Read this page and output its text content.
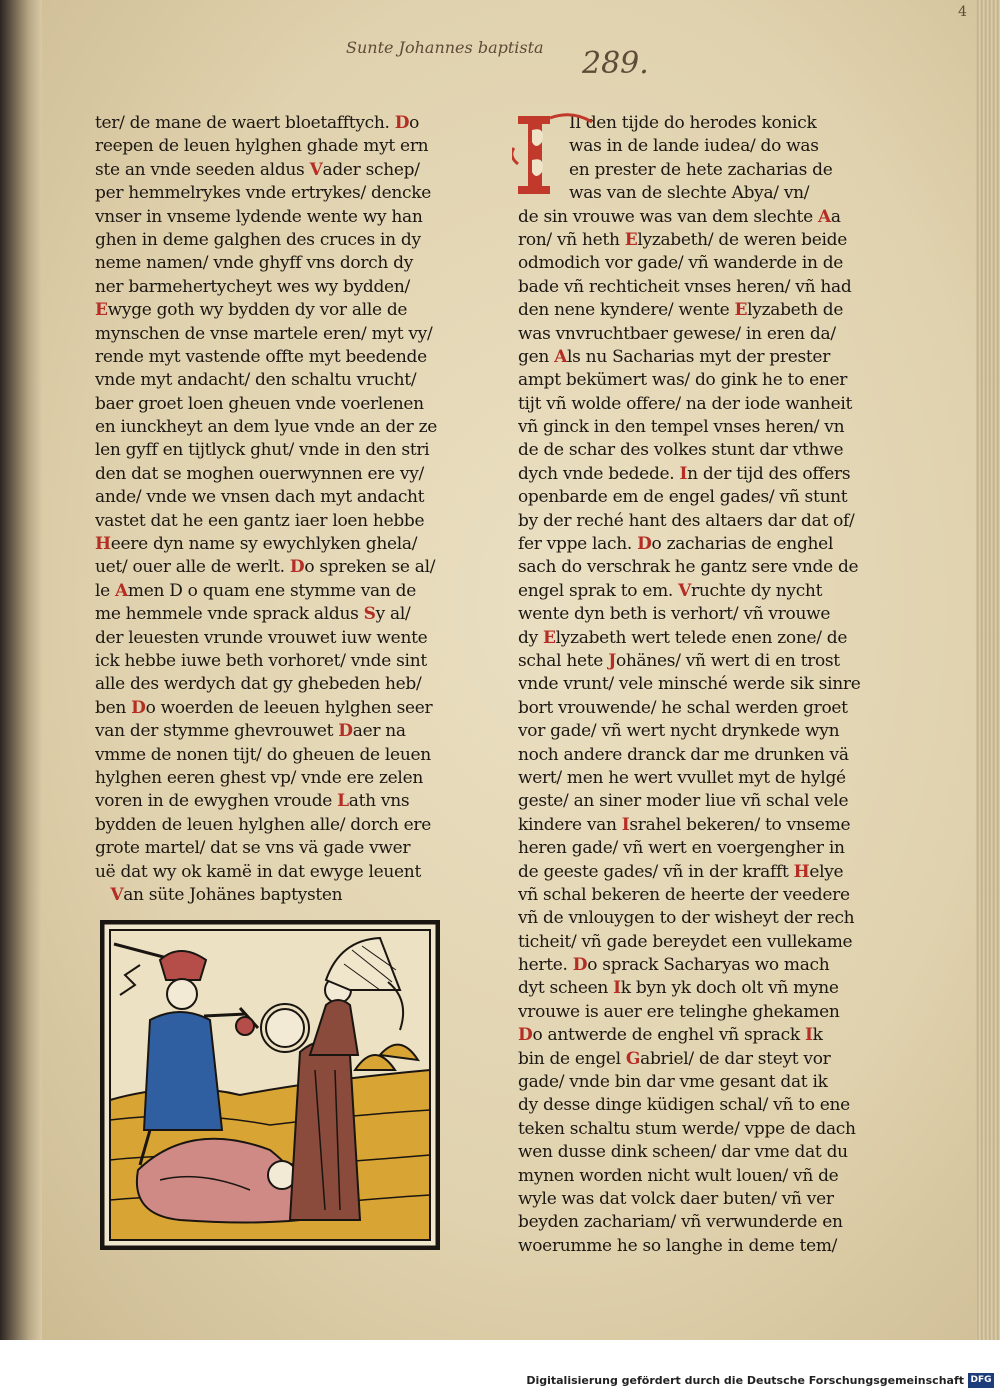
Sunte Johannes baptista 289.
4
ter/ de mane de waert bloetafftych. Do
reepen de leuen hylghen ghade myt ern
ste an vnde seeden aldus Vader schep/
per hemmelrykes vnde ertrykes/ dencke
vnser in vnseme lydende wente wy han
ghen in deme galghen des cruces in dy
neme namen/ vnde ghyff vns dorch dy
ner barmehertycheyt wes wy bydden/
Ewyge goth wy bydden dy vor alle de
mynschen de vnse martele eren/ myt vy/
rende myt vastende offte myt beedende
vnde myt andacht/ den schaltu vrucht/
baer groet loen gheuen vnde voerlenen
en iunckheyt an dem lyue vnde an der ze
len gyff en tijtlyck ghut/ vnde in den stri
den dat se moghen ouerwynnen ere vy/
ande/ vnde we vnsen dach myt andacht
vastet dat he een gantz iaer loen hebbe
Heere dyn name sy ewychlyken ghela/
uet/ ouer alle de werlt. Do spreken se al/
le Amen D o quam ene stymme van de
me hemmele vnde sprack aldus Sy al/
der leuesten vrunde vrouwet iuw wente
ick hebbe iuwe beth vorhoret/ vnde sint
alle des werdych dat gy ghebeden heb/
ben Do woerden de leeuen hylghen seer
van der stymme ghevrouwet Daer na
vmme de nonen tijt/ do gheuen de leuen
hylghen eeren ghest vp/ vnde ere zelen
voren in de ewyghen vroude Lath vns
bydden de leuen hylghen alle/ dorch ere
grote martel/ dat se vns vä gade vwer
uë dat wy ok kamë in dat ewyge leuent
Van süte Johänes baptysten
Il den tijde do herodes konick
was in de lande iudea/ do was
en prester de hete zacharias de
was van de slechte Abya/ vn/
de sin vrouwe was van dem slechte Aa
ron/ vñ heth Elyzabeth/ de weren beide
odmodich vor gade/ vñ wanderde in de
bade vñ rechticheit vnses heren/ vñ had
den nene kyndere/ wente Elyzabeth de
was vnvruchtbaer gewese/ in eren da/
gen Als nu Sacharias myt der prester
ampt bekümert was/ do gink he to ener
tijt vñ wolde offere/ na der iode wanheit
vñ ginck in den tempel vnses heren/ vn
de de schar des volkes stunt dar vthwe
dych vnde bedede. In der tijd des offers
openbarde em de engel gades/ vñ stunt
by der reché hant des altaers dar dat of/
fer vppe lach. Do zacharias de enghel
sach do verschrak he gantz sere vnde de
engel sprak to em. Vruchte dy nycht
wente dyn beth is verhort/ vñ vrouwe
dy Elyzabeth wert telede enen zone/ de
schal hete Johänes/ vñ wert di en trost
vnde vrunt/ vele minsché werde sik sinre
bort vrouwende/ he schal werden groet
vor gade/ vñ wert nycht drynkede wyn
noch andere dranck dar me drunken vä
wert/ men he wert vvullet myt de hylgé
geste/ an siner moder liue vñ schal vele
kindere van Israhel bekeren/ to vnseme
heren gade/ vñ wert en voergengher in
de geeste gades/ vñ in der krafft Helye
vñ schal bekeren de heerte der veedere
vñ de vnlouygen to der wisheyt der rech
ticheit/ vñ gade bereydet een vullekame
herte. Do sprack Sacharyas wo mach
dyt scheen Ik byn yk doch olt vñ myne
vrouwe is auer ere telinghe ghekamen
Do antwerde de enghel vñ sprack Ik
bin de engel Gabriel/ de dar steyt vor
gade/ vnde bin dar vme gesant dat ik
dy desse dinge küdigen schal/ vñ to ene
teken schaltu stum werde/ vppe de dach
wen dusse dink scheen/ dar vme dat du
mynen worden nicht wult louen/ vñ de
wyle was dat volck daer buten/ vñ ver
beyden zachariam/ vñ verwunderde en
woerumme he so langhe in deme tem/
Digitalisierung gefördert durch die Deutsche Forschungsgemeinschaft DFG
